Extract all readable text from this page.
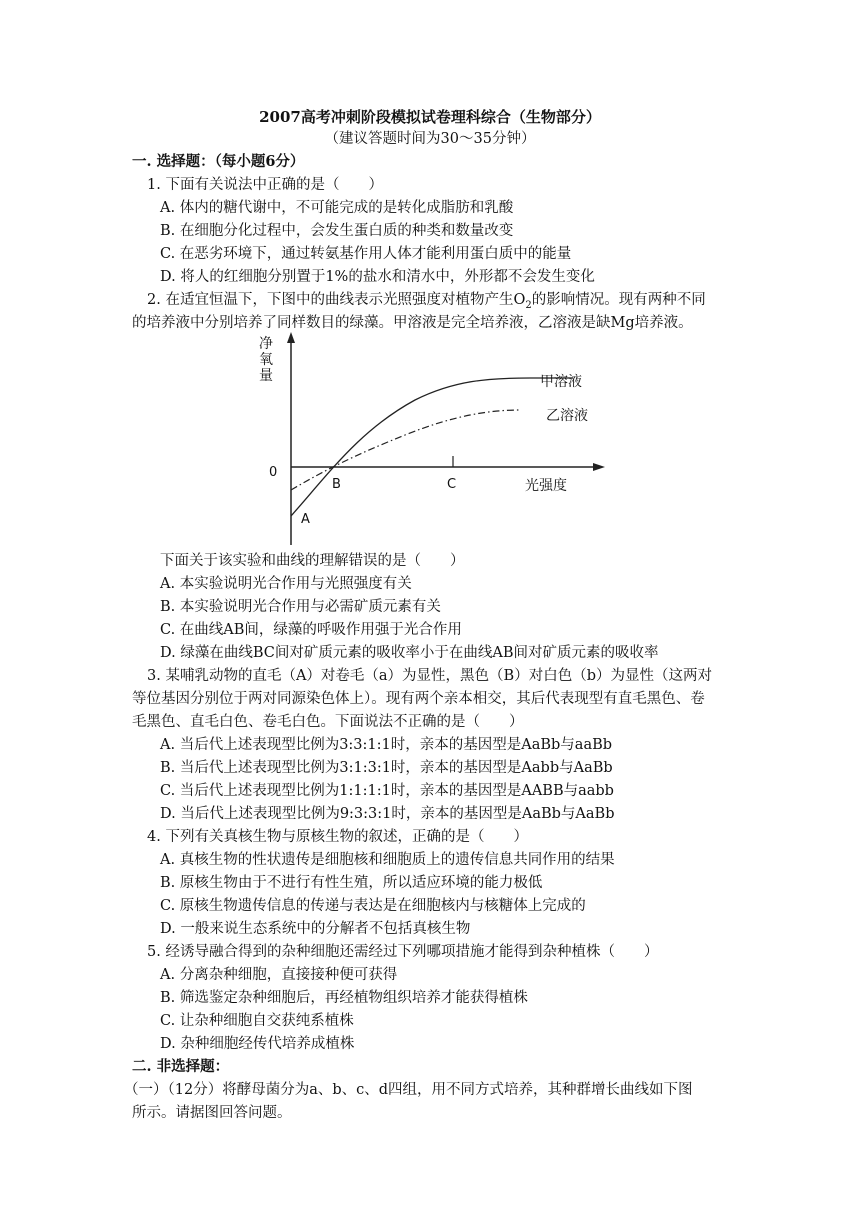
2007高考冲刺阶段模拟试卷理科综合（生物部分）
（建议答题时间为30～35分钟）
一. 选择题：（每小题6分）
1. 下面有关说法中正确的是（　　）
A. 体内的糖代谢中，不可能完成的是转化成脂肪和乳酸
B. 在细胞分化过程中，会发生蛋白质的种类和数量改变
C. 在恶劣环境下，通过转氨基作用人体才能利用蛋白质中的能量
D. 将人的红细胞分别置于1%的盐水和清水中，外形都不会发生变化
2. 在适宜恒温下，下图中的曲线表示光照强度对植物产生$O_2$的影响情况。现有两种不同
的培养液中分别培养了同样数目的绿藻。甲溶液是完全培养液，乙溶液是缺Mg培养液。
净氧量
0
A
B	C	光强度
甲溶液
乙溶液
下面关于该实验和曲线的理解错误的是（　　）
A. 本实验说明光合作用与光照强度有关
B. 本实验说明光合作用与必需矿质元素有关
C. 在曲线AB间，绿藻的呼吸作用强于光合作用
D. 绿藻在曲线BC间对矿质元素的吸收率小于在曲线AB间对矿质元素的吸收率
3. 某哺乳动物的直毛（A）对卷毛（a）为显性，黑色（B）对白色（b）为显性（这两对
等位基因分别位于两对同源染色体上）。现有两个亲本相交，其后代表现型有直毛黑色、卷
毛黑色、直毛白色、卷毛白色。下面说法不正确的是（　　）
A. 当后代上述表现型比例为3:3:1:1时，亲本的基因型是AaBb与aaBb
B. 当后代上述表现型比例为3:1:3:1时，亲本的基因型是Aabb与AaBb
C. 当后代上述表现型比例为1:1:1:1时，亲本的基因型是AABB与aabb
D. 当后代上述表现型比例为9:3:3:1时，亲本的基因型是AaBb与AaBb
4. 下列有关真核生物与原核生物的叙述，正确的是（　　）
A. 真核生物的性状遗传是细胞核和细胞质上的遗传信息共同作用的结果
B. 原核生物由于不进行有性生殖，所以适应环境的能力极低
C. 原核生物遗传信息的传递与表达是在细胞核内与核糖体上完成的
D. 一般来说生态系统中的分解者不包括真核生物
5. 经诱导融合得到的杂种细胞还需经过下列哪项措施才能得到杂种植株（　　）
A. 分离杂种细胞，直接接种便可获得
B. 筛选鉴定杂种细胞后，再经植物组织培养才能获得植株
C. 让杂种细胞自交获纯系植株
D. 杂种细胞经传代培养成植株
二. 非选择题：
（一）（12分）将酵母菌分为a、b、c、d四组，用不同方式培养，其种群增长曲线如下图
所示。请据图回答问题。
